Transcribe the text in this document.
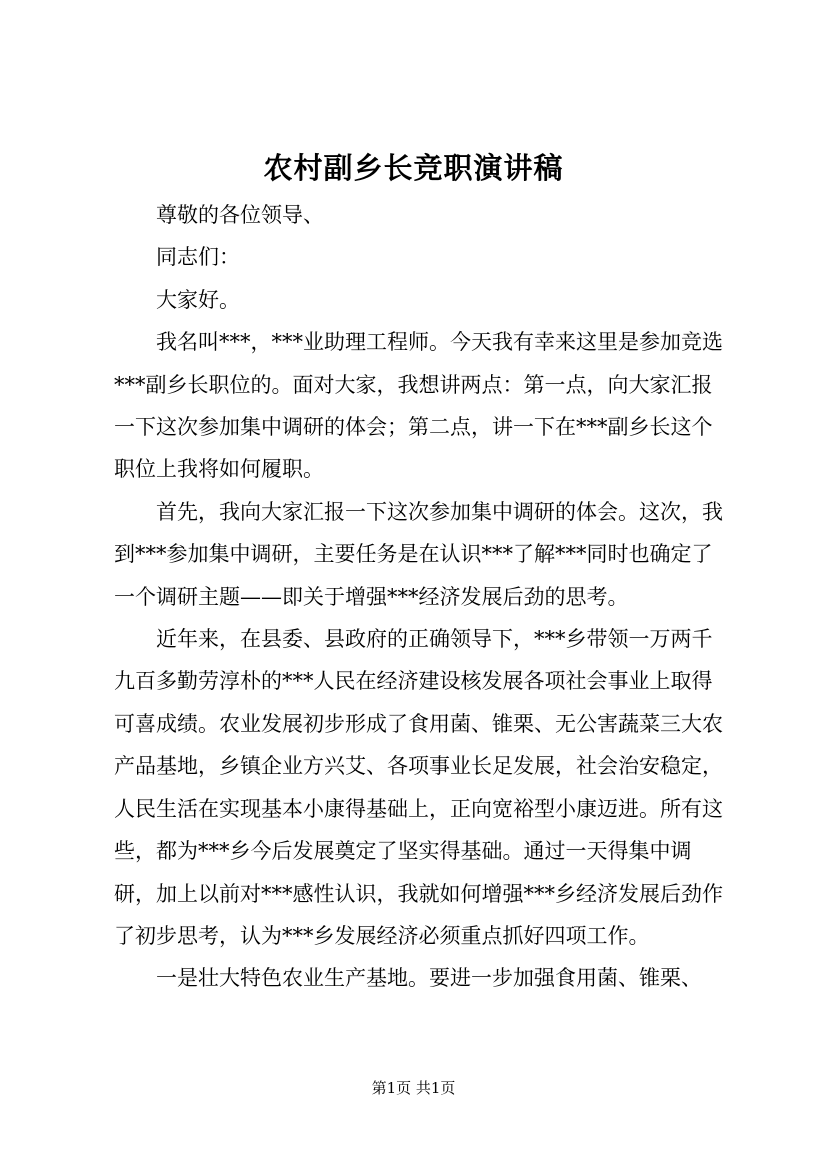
农村副乡长竞职演讲稿

尊敬的各位领导、

同志们：

大家好。

我名叫***，***业助理工程师。今天我有幸来这里是参加竞选***副乡长职位的。面对大家，我想讲两点：第一点，向大家汇报一下这次参加集中调研的体会；第二点，讲一下在***副乡长这个职位上我将如何履职。

首先，我向大家汇报一下这次参加集中调研的体会。这次，我到***参加集中调研，主要任务是在认识***了解***同时也确定了一个调研主题——即关于增强***经济发展后劲的思考。

近年来，在县委、县政府的正确领导下，***乡带领一万两千九百多勤劳淳朴的***人民在经济建设核发展各项社会事业上取得可喜成绩。农业发展初步形成了食用菌、锥栗、无公害蔬菜三大农产品基地，乡镇企业方兴艾、各项事业长足发展，社会治安稳定，人民生活在实现基本小康得基础上，正向宽裕型小康迈进。所有这些，都为***乡今后发展奠定了坚实得基础。通过一天得集中调研，加上以前对***感性认识，我就如何增强***乡经济发展后劲作了初步思考，认为***乡发展经济必须重点抓好四项工作。

一是壮大特色农业生产基地。要进一步加强食用菌、锥栗、

第1页 共1页
